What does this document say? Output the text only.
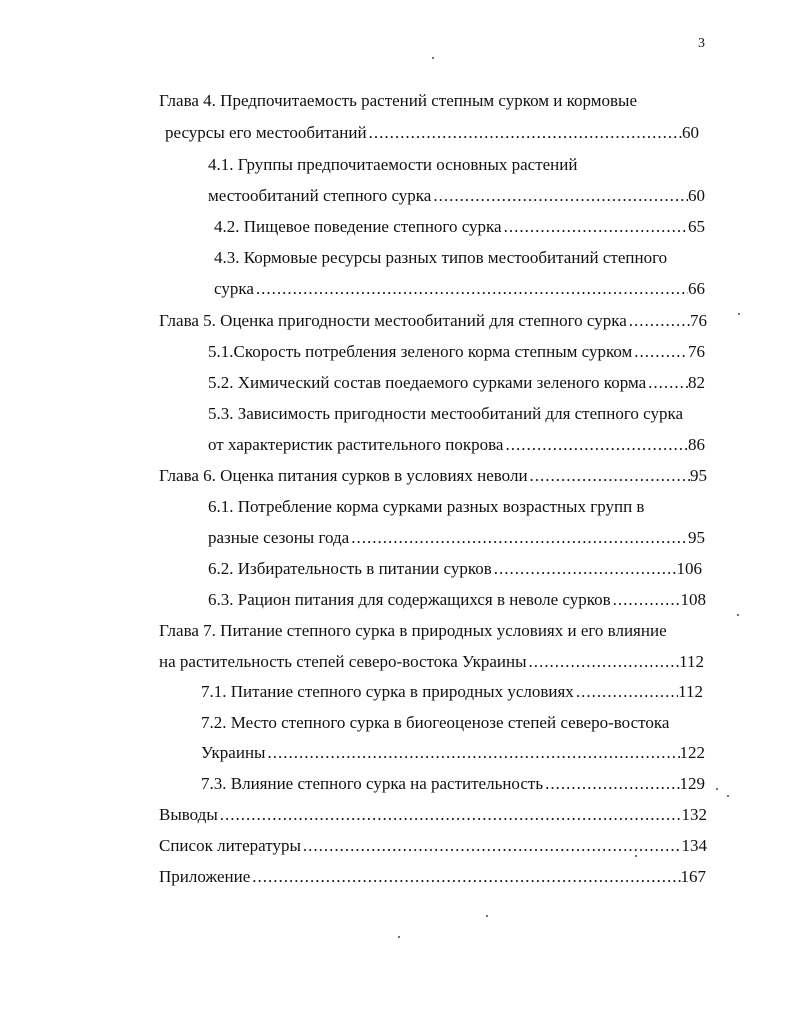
3
Глава 4. Предпочитаемость растений степным сурком и кормовые
ресурсы его местообитаний .....	60
4.1. Группы предпочитаемости основных растений
местообитаний степного сурка .....	60
4.2. Пищевое поведение степного сурка .....	65
4.3. Кормовые ресурсы разных типов местообитаний степного
сурка .....	66
Глава 5. Оценка пригодности местообитаний для степного сурка .....	76
5.1.Скорость потребления зеленого корма степным сурком .....	76
5.2. Химический состав поедаемого сурками зеленого корма ..... 82
5.3. Зависимость пригодности местообитаний для степного сурка
от характеристик растительного покрова .....	86
Глава 6. Оценка питания сурков в условиях неволи .....	95
6.1. Потребление корма сурками разных возрастных групп в
разные сезоны года .....	95
6.2. Избирательность в питании сурков .....	106
6.3. Рацион питания для содержащихся в неволе сурков .....	108
Глава 7. Питание степного сурка в природных условиях и его влияние
на растительность степей северо-востока Украины .....	112
7.1. Питание степного сурка в природных условиях .....	112
7.2. Место степного сурка в биогеоценозе степей северо-востока
Украины .....	122
7.3. Влияние степного сурка на растительность .....	129
Выводы .....	132
Список литературы .....	134
Приложение .....	167
